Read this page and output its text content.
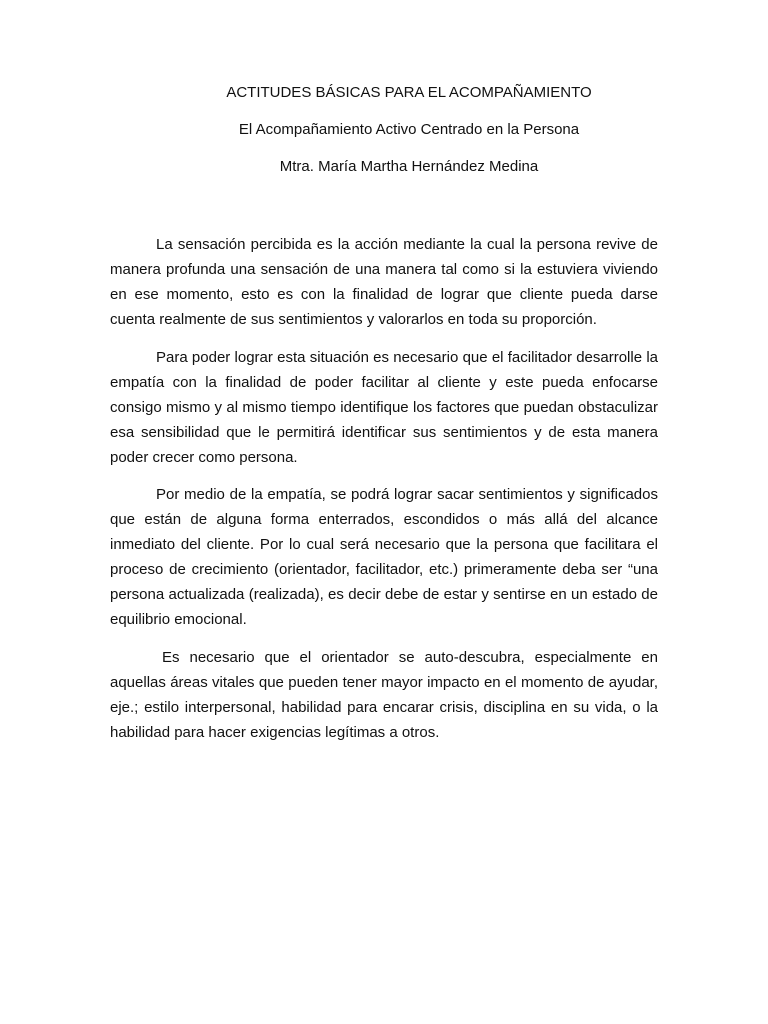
ACTITUDES BÁSICAS PARA EL ACOMPAÑAMIENTO
El Acompañamiento Activo Centrado en la Persona
Mtra. María Martha Hernández Medina

La sensación percibida es la acción mediante la cual la persona revive de manera profunda una sensación de una manera tal como si la estuviera viviendo en ese momento, esto es con la finalidad de lograr que cliente pueda darse cuenta realmente de sus sentimientos y valorarlos en toda su proporción.

Para poder lograr esta situación es necesario que el facilitador desarrolle la empatía con la finalidad de poder facilitar al cliente y este pueda enfocarse consigo mismo y al mismo tiempo identifique los factores que puedan obstaculizar esa sensibilidad que le permitirá identificar sus sentimientos y de esta manera poder crecer como persona.

Por medio de la empatía, se podrá lograr sacar sentimientos y significados que están de alguna forma enterrados, escondidos o más allá del alcance inmediato del cliente. Por lo cual será necesario que la persona que facilitara el proceso de crecimiento (orientador, facilitador, etc.) primeramente deba ser “una persona actualizada (realizada), es decir debe de estar y sentirse en un estado de equilibrio emocional.

Es necesario que el orientador se auto-descubra, especialmente en aquellas áreas vitales que pueden tener mayor impacto en el momento de ayudar, eje.; estilo interpersonal, habilidad para encarar crisis, disciplina en su vida, o la habilidad para hacer exigencias legítimas a otros.
